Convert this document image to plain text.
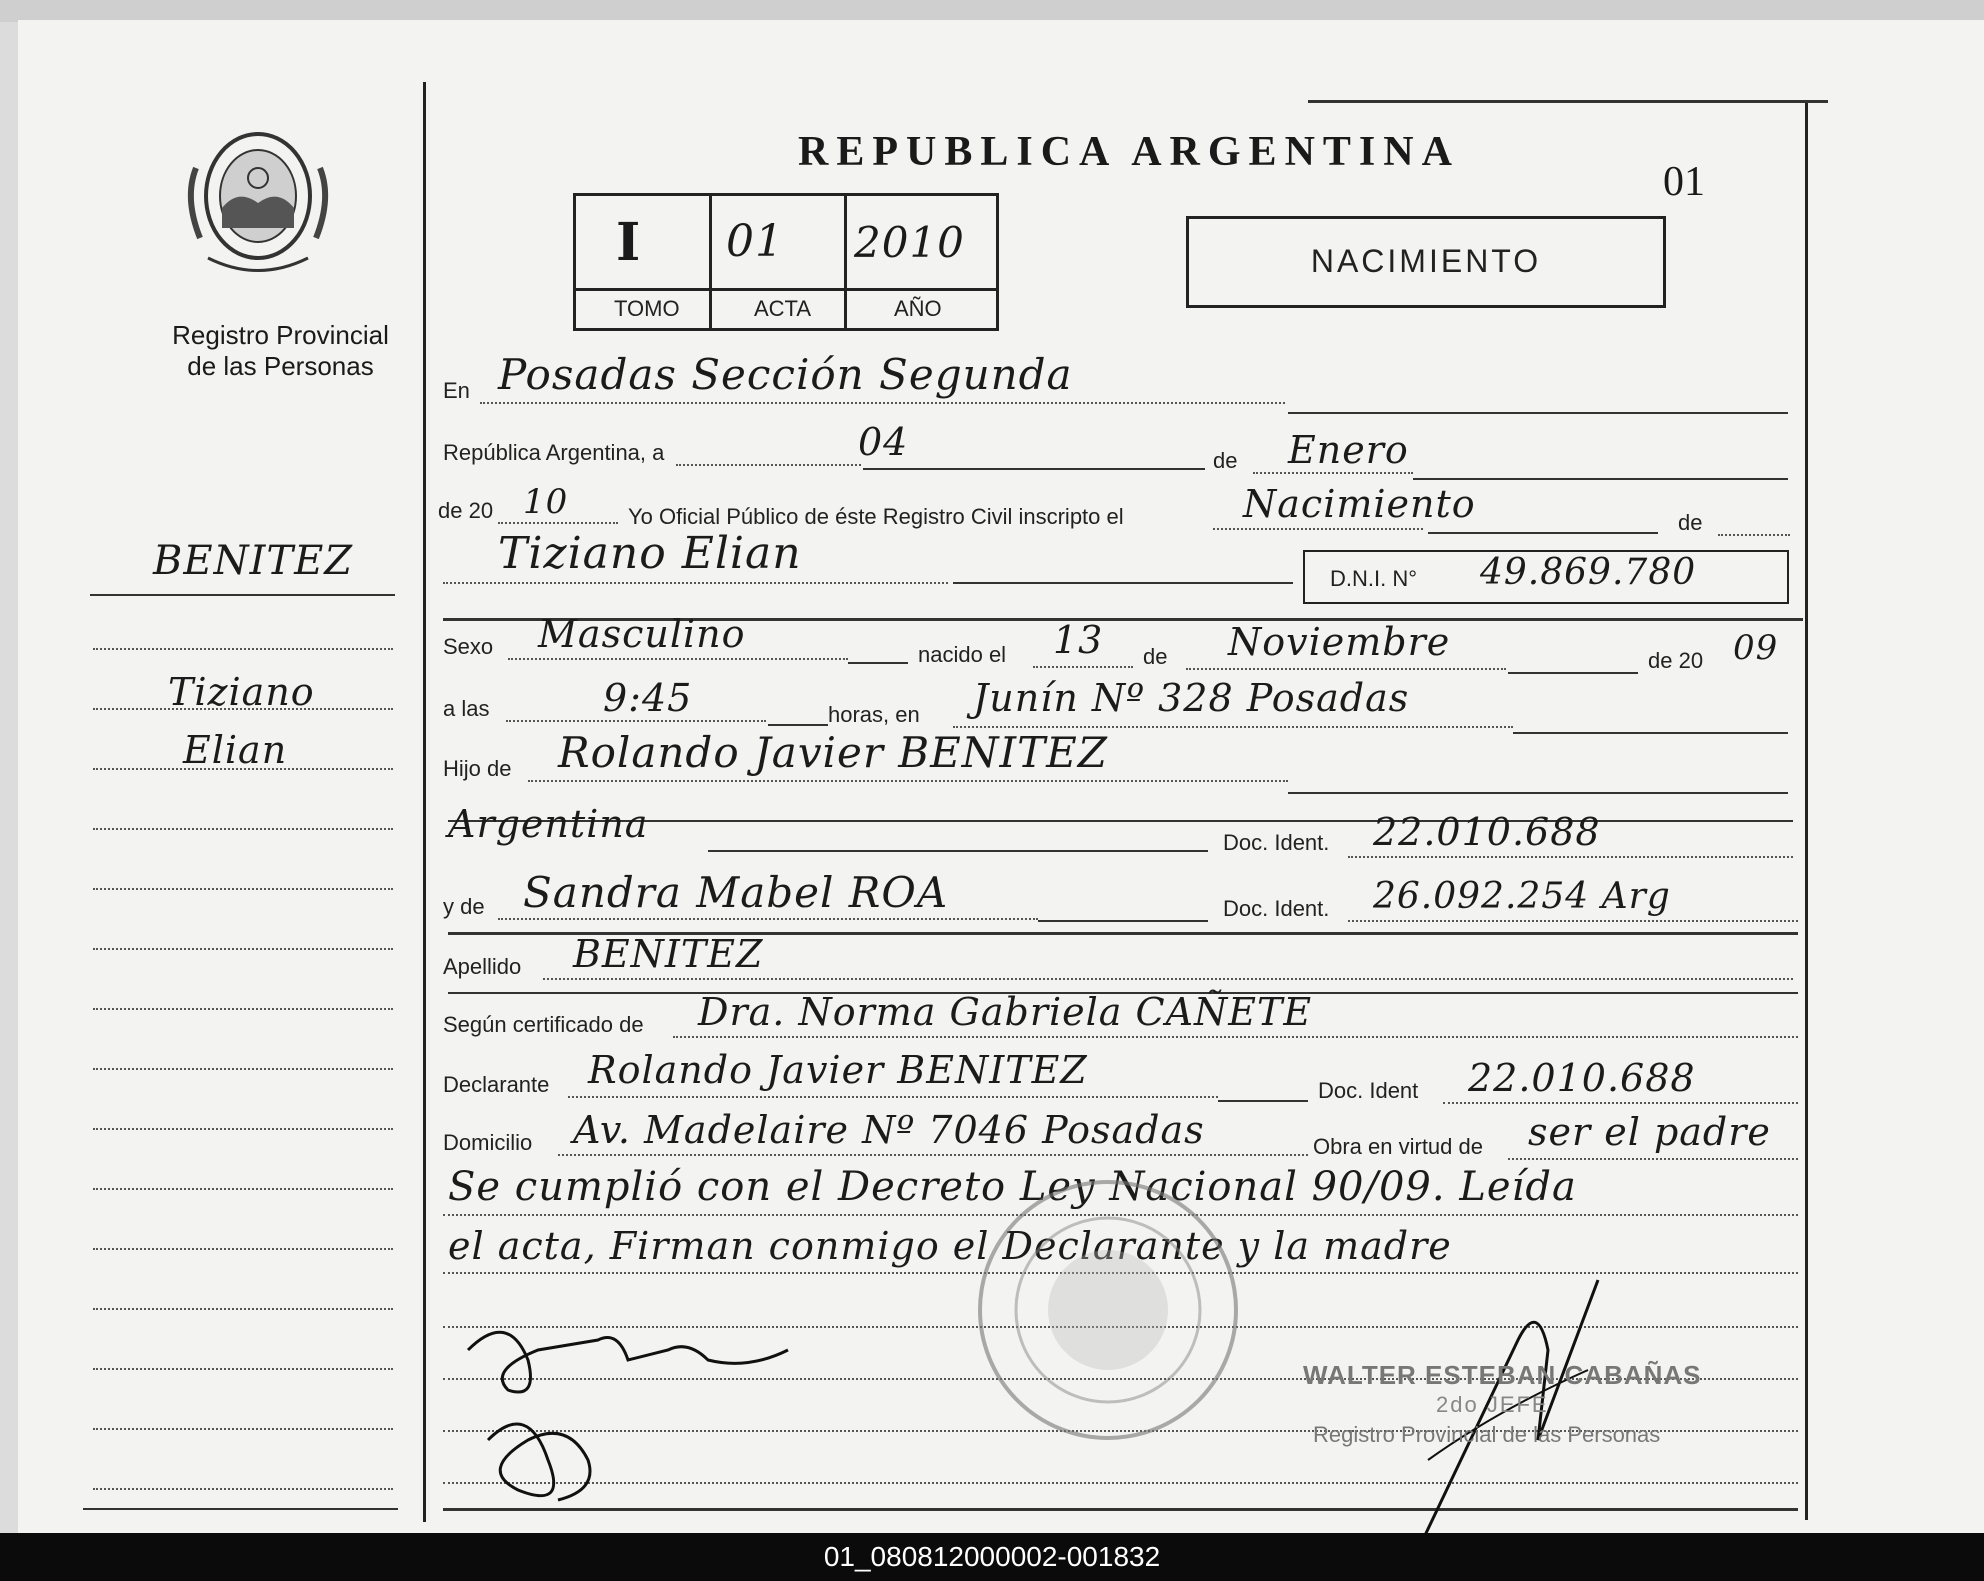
Registro Provincial
de las Personas
BENITEZ
Tiziano
Elian
REPUBLICA ARGENTINA
01
I 01 2010
TOMO	ACTA	AÑO
NACIMIENTO
En Posadas Sección Segunda
República Argentina, a	04	de Enero
de 20 10	Yo Oficial Público de éste Registro Civil inscripto el	Nacimiento	de
Tiziano Elian	D.N.I. N° 49.869.780
Sexo Masculino	nacido el 13 de Noviembre	de 20 09
a las	9:45	horas, en Junín Nº 328 Posadas
Hijo de Rolando Javier BENITEZ
Argentina	Doc. Ident. 22.010.688
y de Sandra Mabel ROA	Doc. Ident. 26.092.254 Arg
Apellido BENITEZ
Según certificado de Dra. Norma Gabriela CAÑETE
Declarante Rolando Javier BENITEZ	Doc. Ident 22.010.688
Domicilio Av. Madelaire Nº 7046 Posadas	Obra en virtud de ser el padre
Se cumplió con el Decreto Ley Nacional 90/09. Leída
el acta, Firman conmigo el Declarante y la madre
WALTER ESTEBAN CABAÑAS
2do JEFE
Registro Provincial de las Personas
01_080812000002-001832
